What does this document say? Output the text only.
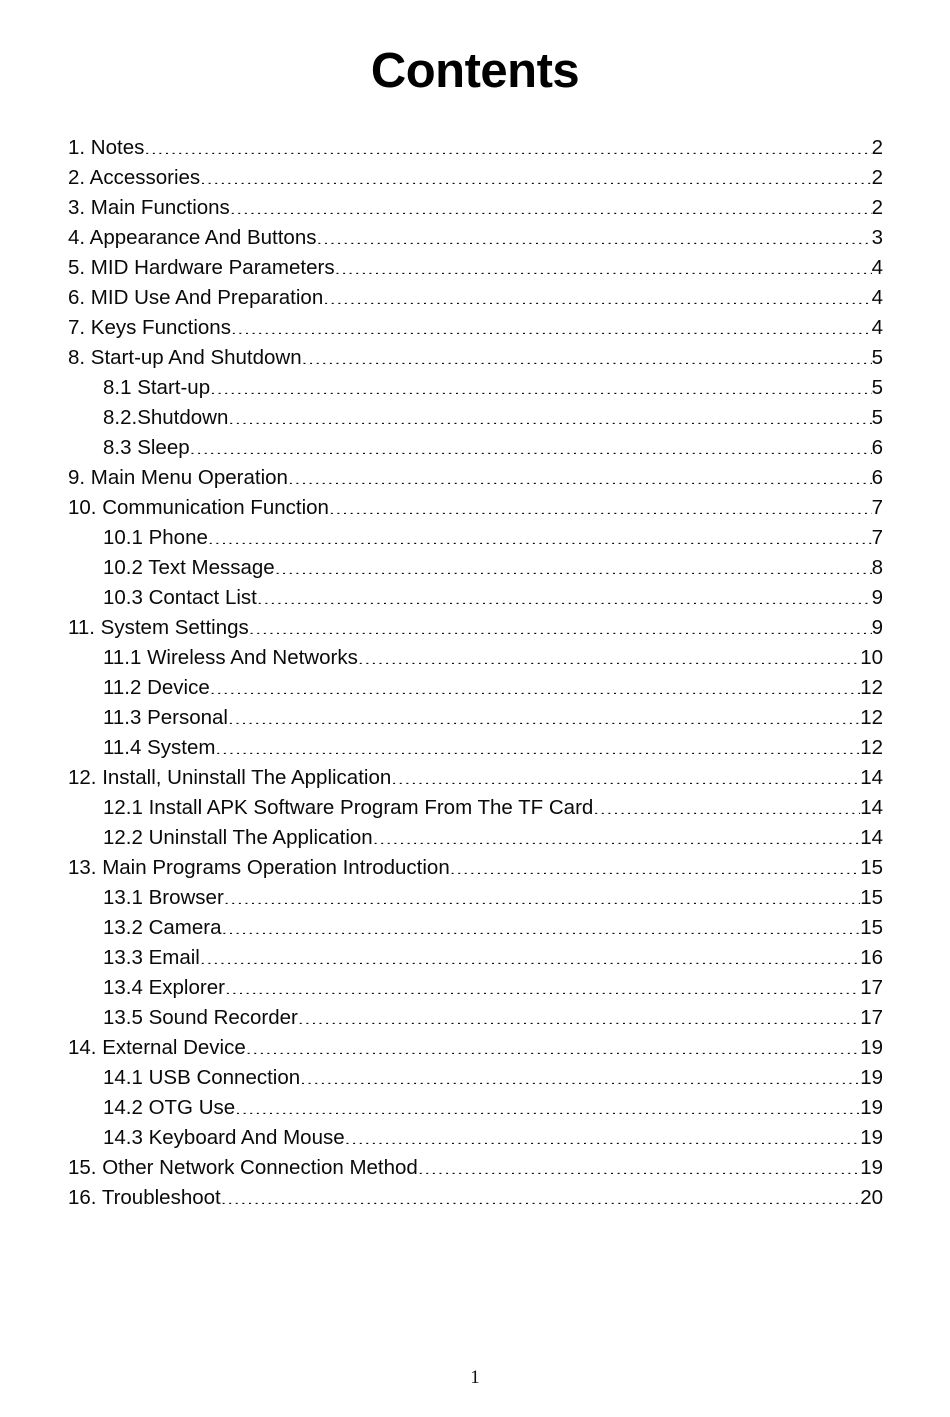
Contents
1. Notes .....	2
2. Accessories .....	2
3. Main Functions .....	2
4. Appearance And Buttons .....	3
5. MID Hardware Parameters .....	4
6. MID Use And Preparation .....	4
7. Keys Functions .....	4
8. Start-up And Shutdown .....	5
8.1 Start-up .....	5
8.2.Shutdown .....	5
8.3 Sleep .....	6
9. Main Menu Operation .....	6
10. Communication Function .....	7
10.1 Phone .....	7
10.2 Text Message .....	8
10.3 Contact List .....	9
11. System Settings .....	9
11.1 Wireless And Networks .....	10
11.2 Device .....	12
11.3 Personal .....	12
11.4 System .....	12
12. Install, Uninstall The Application .....	14
12.1 Install APK Software Program From The TF Card .....	14
12.2 Uninstall The Application .....	14
13. Main Programs Operation Introduction .....	15
13.1 Browser .....	15
13.2 Camera .....	15
13.3 Email .....	16
13.4 Explorer .....	17
13.5 Sound Recorder .....	17
14. External Device .....	19
14.1 USB Connection .....	19
14.2 OTG Use .....	19
14.3 Keyboard And Mouse .....	19
15. Other Network Connection Method .....	19
16. Troubleshoot .....	20
1
